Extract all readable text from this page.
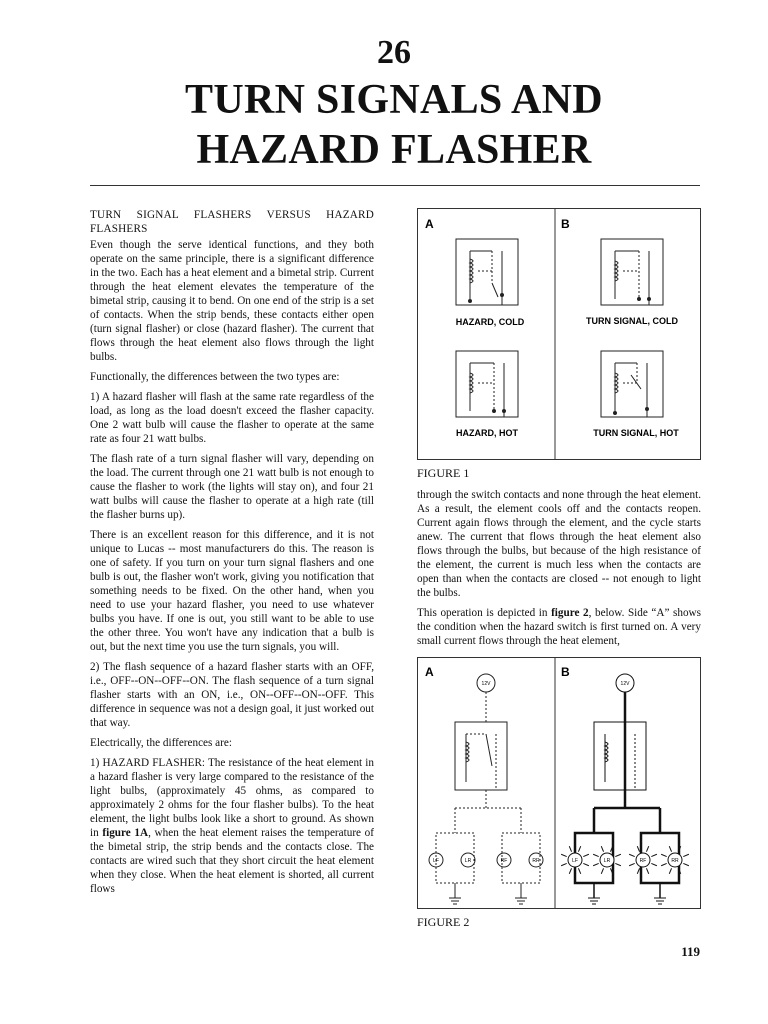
26
TURN SIGNALS AND
HAZARD FLASHER

TURN SIGNAL FLASHERS VERSUS HAZARD FLASHERS

Even though the serve identical functions, and they both operate on the same principle, there is a significant difference in the two. Each has a heat element and a bimetal strip. Current through the heat element elevates the temperature of the bimetal strip, causing it to bend. On one end of the strip is a set of contacts. When the strip bends, these contacts either open (turn signal flasher) or close (hazard flasher). The current that flows through the heat element also flows through the light bulbs.

Functionally, the differences between the two types are:

1) A hazard flasher will flash at the same rate regardless of the load, as long as the load doesn't exceed the flasher capacity. One 2 watt bulb will cause the flasher to operate at the same rate as four 21 watt bulbs.

The flash rate of a turn signal flasher will vary, depending on the load. The current through one 21 watt bulb is not enough to cause the flasher to work (the lights will stay on), and four 21 watt bulbs will cause the flasher to operate at a high rate (till the flasher burns up).

There is an excellent reason for this difference, and it is not unique to Lucas -- most manufacturers do this. The reason is one of safety. If you turn on your turn signal flashers and one bulb is out, the flasher won't work, giving you notification that something needs to be fixed. On the other hand, when you need to use your hazard flasher, you need to use whatever bulbs you have. If one is out, you still want to be able to use the other three. You won't have any indication that a bulb is out, but the next time you use the turn signals, you will.

2) The flash sequence of a hazard flasher starts with an OFF, i.e., OFF--ON--OFF--ON. The flash sequence of a turn signal flasher starts with an ON, i.e., ON--OFF--ON--OFF. This difference in sequence was not a design goal, it just worked out that way.

Electrically, the differences are:

1) HAZARD FLASHER: The resistance of the heat element in a hazard flasher is very large compared to the resistance of the light bulbs, (approximately 45 ohms, as compared to approximately 2 ohms for the four flasher bulbs). To the heat element, the light bulbs look like a short to ground. As shown in figure 1A, when the heat element raises the temperature of the bimetal strip, the strip bends and the contacts close. The contacts are wired such that they short circuit the heat element when they close. When the heat element is shorted, all current flows

A	B
HAZARD, COLD	TURN SIGNAL, COLD
HAZARD, HOT	TURN SIGNAL, HOT
FIGURE 1

through the switch contacts and none through the heat element. As a result, the element cools off and the contacts reopen. Current again flows through the element, and the cycle starts anew. The current that flows through the heat element also flows through the bulbs, but because of the high resistance of the element, the current is much less when the contacts are open than when the contacts are closed -- not enough to light the bulbs.

This operation is depicted in figure 2, below. Side “A” shows the condition when the hazard switch is first turned on. A very small current flows through the heat element,

A	B
12V
LF	LR	RF	RR
12V
LF	LR	RF	RR
FIGURE 2
119
